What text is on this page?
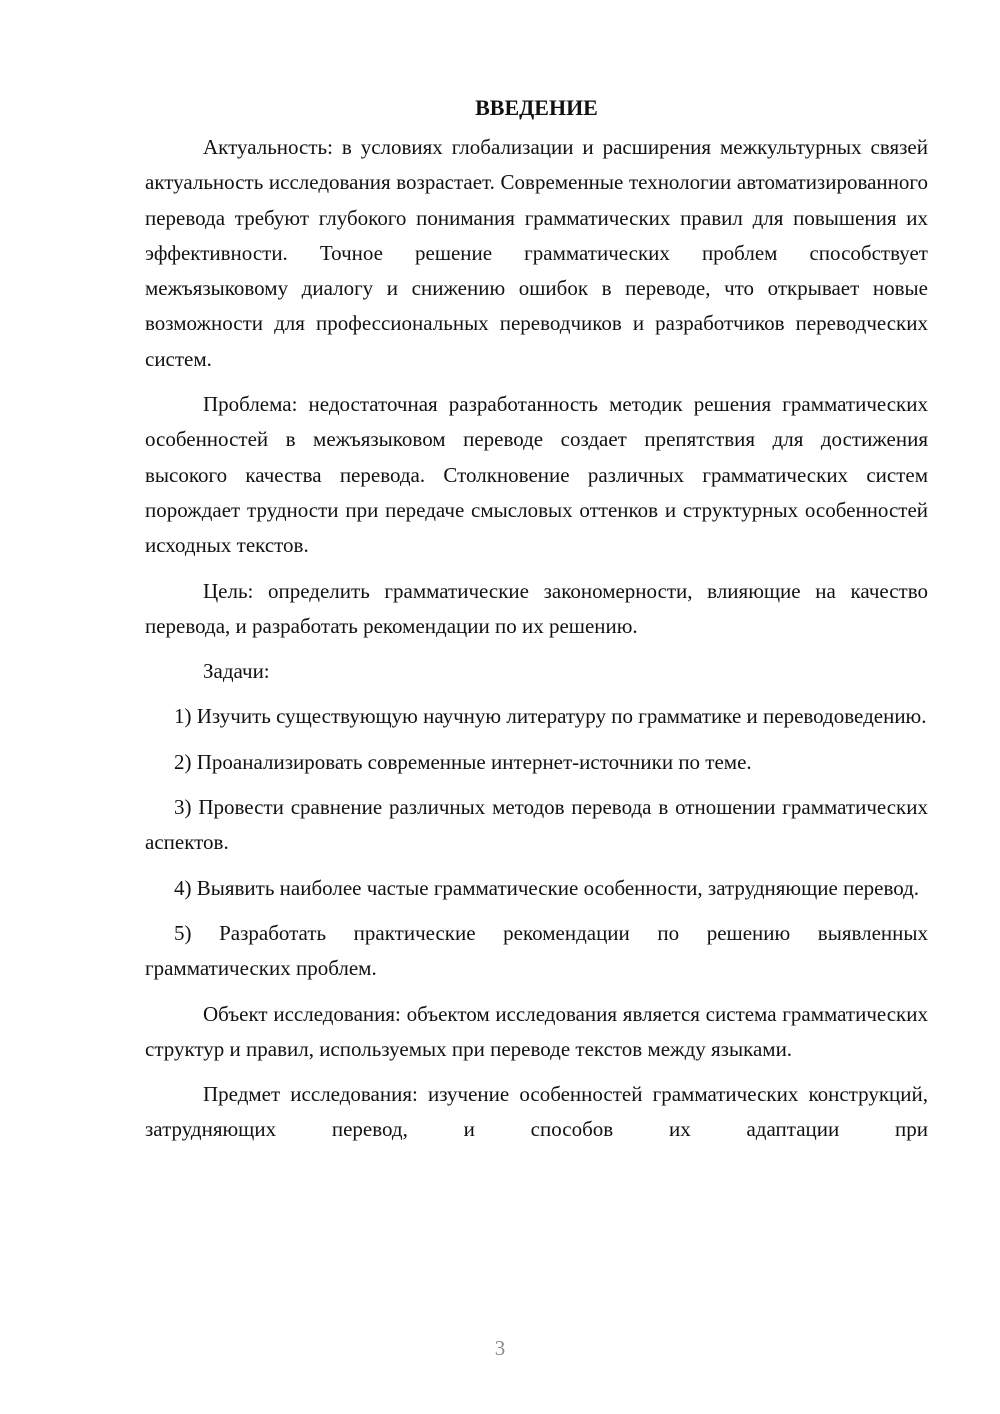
ВВЕДЕНИЕ

Актуальность: в условиях глобализации и расширения межкультурных связей актуальность исследования возрастает. Современные технологии автоматизированного перевода требуют глубокого понимания грамматических правил для повышения их эффективности. Точное решение грамматических проблем способствует межъязыковому диалогу и снижению ошибок в переводе, что открывает новые возможности для профессиональных переводчиков и разработчиков переводческих систем.

Проблема: недостаточная разработанность методик решения грамматических особенностей в межъязыковом переводе создает препятствия для достижения высокого качества перевода. Столкновение различных грамматических систем порождает трудности при передаче смысловых оттенков и структурных особенностей исходных текстов.

Цель: определить грамматические закономерности, влияющие на качество перевода, и разработать рекомендации по их решению.

Задачи:

1) Изучить существующую научную литературу по грамматике и переводоведению.

2) Проанализировать современные интернет-источники по теме.

3) Провести сравнение различных методов перевода в отношении грамматических аспектов.

4) Выявить наиболее частые грамматические особенности, затрудняющие перевод.

5) Разработать практические рекомендации по решению выявленных грамматических проблем.

Объект исследования: объектом исследования является система грамматических структур и правил, используемых при переводе текстов между языками.

Предмет исследования: изучение особенностей грамматических конструкций, затрудняющих перевод, и способов их адаптации при

3
